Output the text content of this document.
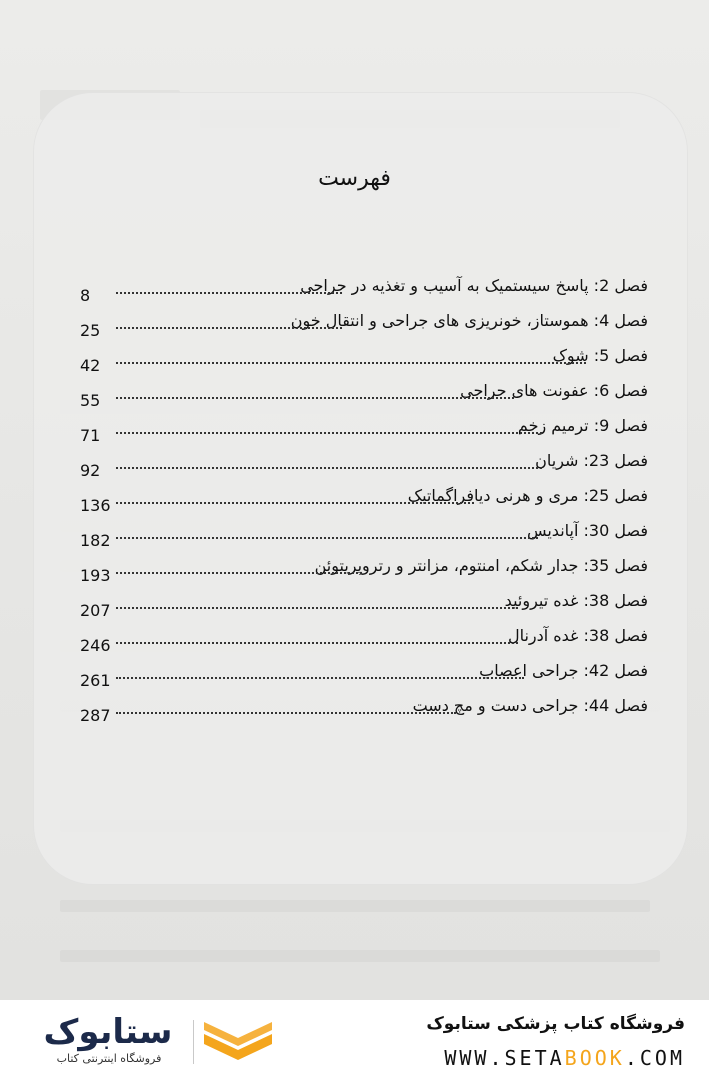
فهرست
فصل 2: پاسخ سیستمیک به آسیب و تغذیه در جراحی
8
فصل 4: هموستاز، خونریزی های جراحی و انتقال خون
25
فصل 5: شوک
42
فصل 6: عفونت های جراحی
55
فصل 9: ترمیم زخم
71
فصل 23: شریان
92
فصل 25: مری و هرنی دیافراگماتیک
136
فصل 30: آپاندیس
182
فصل 35: جدار شکم، امنتوم، مزانتر و رتروپریتوئن
193
فصل 38: غده تیروئید
207
فصل 38: غده آدرنال
246
فصل 42: جراحی اعصاب
261
فصل 44: جراحی دست و مچ دست
287
فروشگاه کتاب پزشکی ستابوک
WWW.SETABOOK.COM
ستابوک
فروشگاه اینترنتی کتاب
